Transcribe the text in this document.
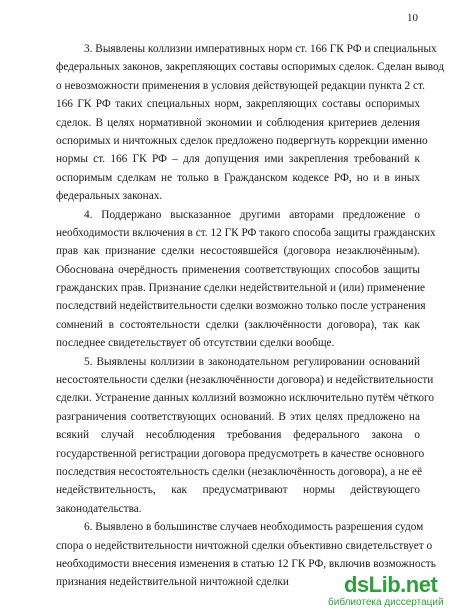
10
3. Выявлены коллизии императивных норм ст. 166 ГК РФ и специальных
федеральных законов, закрепляющих составы оспоримых сделок. Сделан вывод
о невозможности применения в условия действующей редакции пункта 2 ст.
166 ГК РФ таких специальных норм, закрепляющих составы оспоримых
сделок. В целях нормативной экономии и соблюдения критериев деления
оспоримых и ничтожных сделок предложено подвергнуть коррекции именно
нормы ст. 166 ГК РФ – для допущения ими закрепления требований к
оспоримым сделкам не только в Гражданском кодексе РФ, но и в иных
федеральных законах.
4. Поддержано высказанное другими авторами предложение о
необходимости включения в ст. 12 ГК РФ такого способа защиты гражданских
прав как признание сделки несостоявшейся (договора незаключённым).
Обоснована очерёдность применения соответствующих способов защиты
гражданских прав. Признание сделки недействительной и (или) применение
последствий недействительности сделки возможно только после устранения
сомнений в состоятельности сделки (заключённости договора), так как
последнее свидетельствует об отсутствии сделки вообще.
5. Выявлены коллизии в законодательном регулировании оснований
несостоятельности сделки (незаключённости договора) и недействительности
сделки. Устранение данных коллизий возможно исключительно путём чёткого
разграничения соответствующих оснований. В этих целях предложено на
всякий случай несоблюдения требования федерального закона о
государственной регистрации договора предусмотреть в качестве основного
последствия несостоятельность сделки (незаключённость договора), а не её
недействительность, как предусматривают нормы действующего
законодательства.
6. Выявлено в большинстве случаев необходимость разрешения судом
спора о недействительности ничтожной сделки объективно свидетельствует о
необходимости внесения изменения в статью 12 ГК РФ, включив возможность
признания недействительной ничтожной сделки	dsLib.net
библиотека диссертаций
